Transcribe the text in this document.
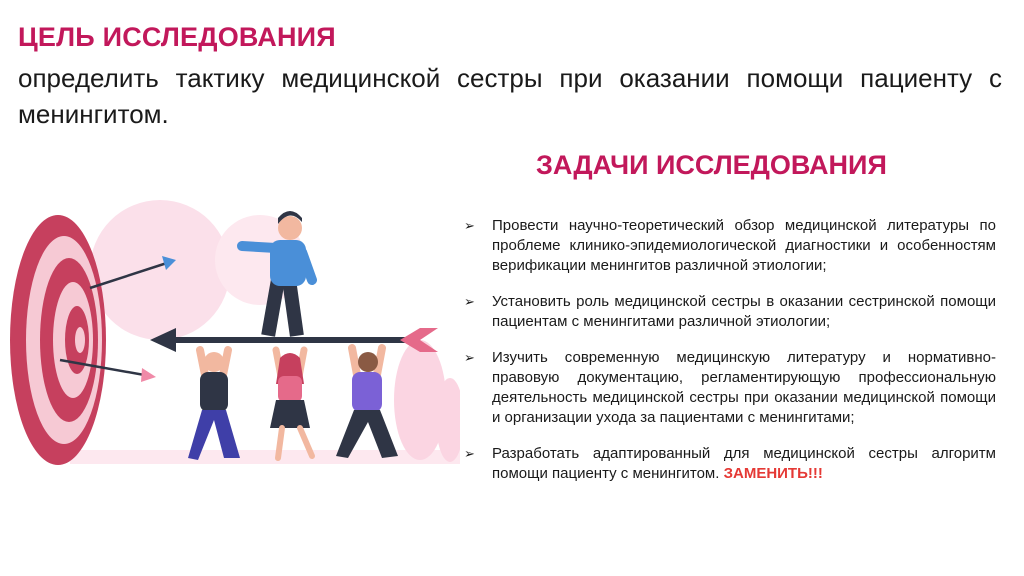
ЦЕЛЬ ИССЛЕДОВАНИЯ
определить тактику медицинской сестры при оказании помощи пациенту с менингитом.
ЗАДАЧИ ИССЛЕДОВАНИЯ
➢ Провести научно-теоретический обзор медицинской литературы по проблеме клинико-эпидемиологической диагностики и особенностям верификации менингитов различной этиологии;
➢ Установить роль медицинской сестры в оказании сестринской помощи пациентам с менингитами различной этиологии;
➢ Изучить современную медицинскую литературу и нормативно-правовую документацию, регламентирующую профессиональную деятельность медицинской сестры при оказании медицинской помощи и организации ухода за пациентами с менингитами;
➢ Разработать адаптированный для медицинской сестры алгоритм помощи пациенту с менингитом. ЗАМЕНИТЬ!!!
